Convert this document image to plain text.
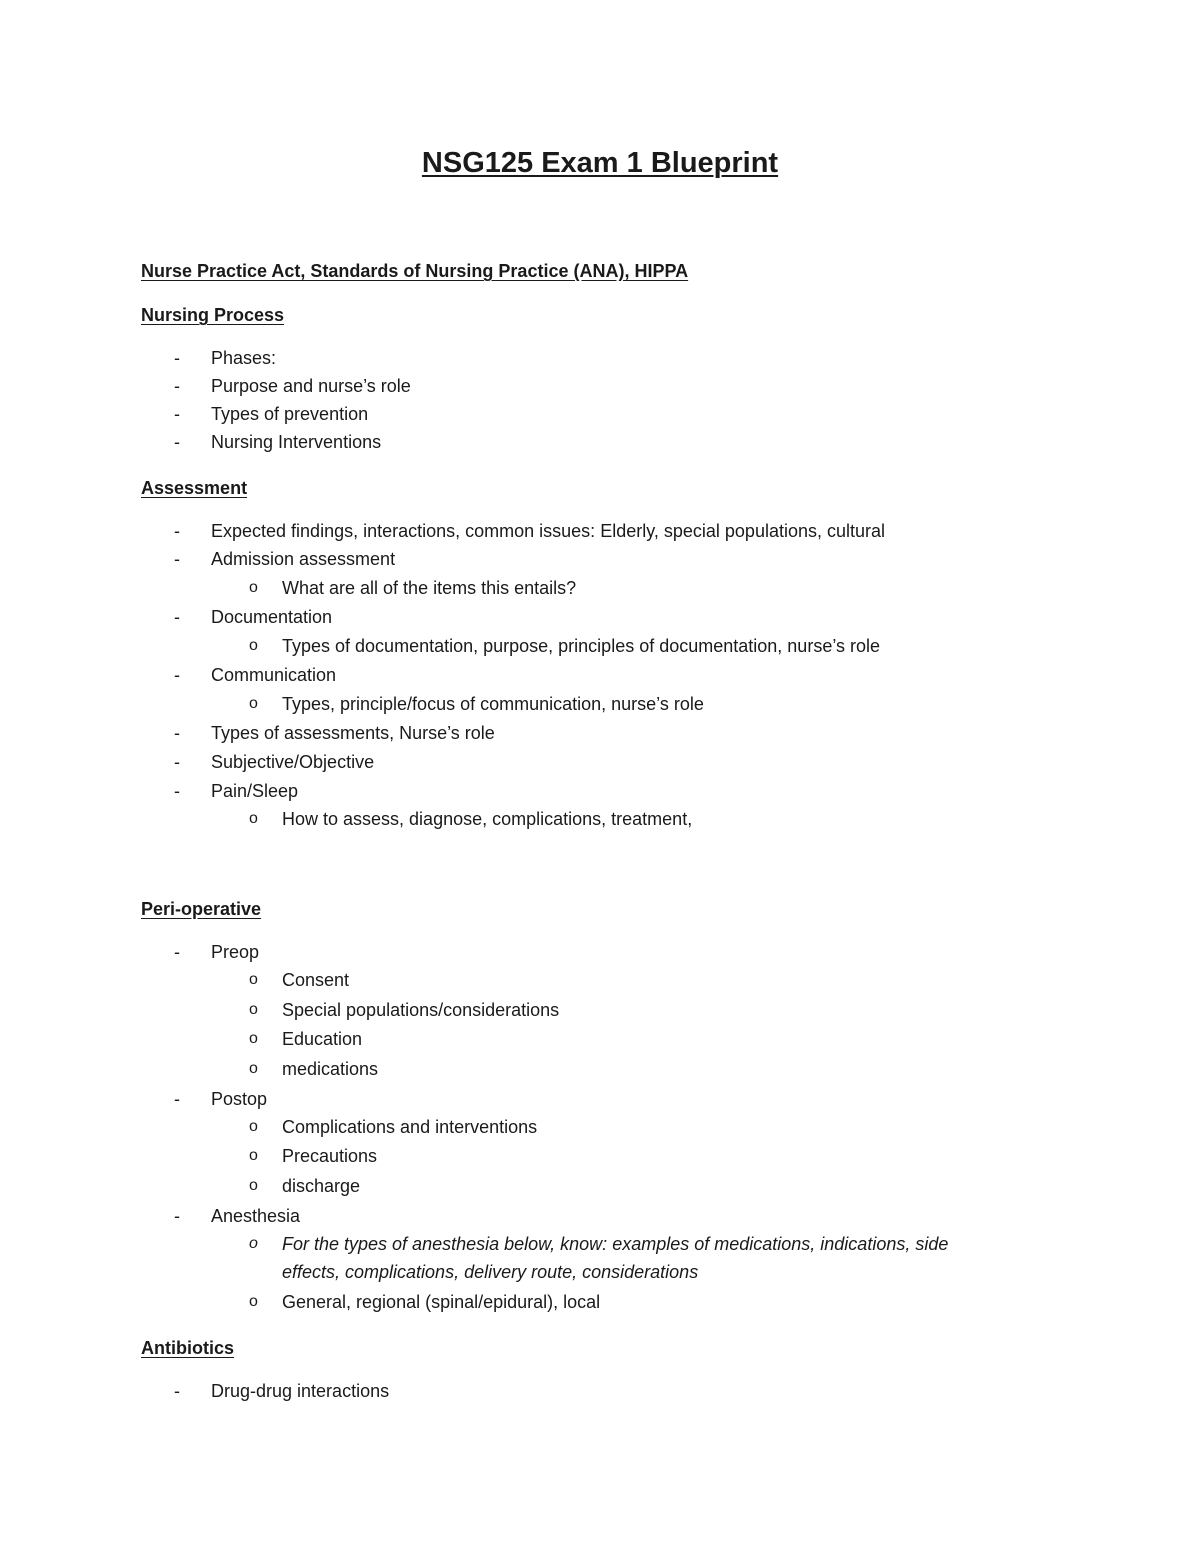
NSG125 Exam 1 Blueprint
Nurse Practice Act, Standards of Nursing Practice (ANA), HIPPA
Nursing Process
- Phases:
- Purpose and nurse’s role
- Types of prevention
- Nursing Interventions
Assessment
- Expected findings, interactions, common issues: Elderly, special populations, cultural
- Admission assessment
o What are all of the items this entails?
- Documentation
o Types of documentation, purpose, principles of documentation, nurse’s role
- Communication
o Types, principle/focus of communication, nurse’s role
- Types of assessments, Nurse’s role
- Subjective/Objective
- Pain/Sleep
o How to assess, diagnose, complications, treatment,
Peri-operative
- Preop
o Consent
o Special populations/considerations
o Education
o medications
- Postop
o Complications and interventions
o Precautions
o discharge
- Anesthesia
o For the types of anesthesia below, know: examples of medications, indications, side
effects, complications, delivery route, considerations
o General, regional (spinal/epidural), local
Antibiotics
- Drug-drug interactions
